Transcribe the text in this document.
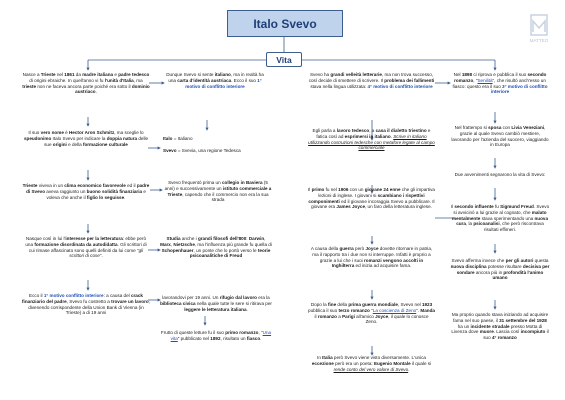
Italo Svevo
MATTEO
Vita
Nasce a Trieste nel 1861 da madre italiana e padre tedesco di origini ebraiche. In quell'anno vi fu l'unità d'Italia, ma trieste non ne faceva ancora parte poiché era sotto il dominio austriaco.
Il suo vero nome è Hector Aron Schmitz, ma sceglie lo speudonimo Italo Svevo per indicare la doppia natura delle sue origini e della formazione culturale
Trieste viveva in un clima economico favorevole ed il padre di Svevo aveva raggiunto un buono solidità finanziaria e voleva che anche il figlio lo seguisse.
Nasque così in lui l'interesse per la letteratura: ebbe però una formazione disordinata da autodidatta. Gli scrittori di cui rimase affascinato sono quelli definiti da lui come "gli scrittori di cose".
Ecco il 1° motivo conflitto interiore: a causa del crack finanziario del padre, Svevo fu costretto a trovare un lavoro, divenendo corrispondente della Union Bank di Vienna (in Trieste) a di 19 anni
Dunque Svevo si sente italiano, ma in realtà ha una carta d'identità austriaca. Ecco il suo 1° motivo di conflitto interiore
Italo = Italiano

Svevo = Svevia, una regione Tedesca
Svevo frequentò prima un collegio in Baviera (5 anni) e successivamente un istituto commerciale a Trieste, capendo che il commercio non era la sua strada
Studia anche i grandi filosofi dell'800: Darwin, Marx, Nietzsche, ma l'influenza più grande fu quella di Schopenhauer, un ponte che lo portò verso le teorie psicoanalitiche di Freud
lavorandovi per 19 anni. Un rifugio dal lavoro era la biblioteca civica nella quale tutte le sere si ritirava per leggere le letteratura italiana.
Frutto di queste letture fu il suo primo romanzo, "Una vita" pubblicato nel 1892, risultato un fiasco.
Svevo ha grandi velleità letterarie, ma non trova successo, così decide di smettere di scrivere. Il problema dei fallimenti stava nella lingua utilizzata: 4° motivo di conflitto interiore
Egli parla a lavoro tedesco, a casa il dialetto triestino e fatica così ad esprimersi in italiano. Scrive in italiano utilizzando costruzioni tedesche con metafore legate al campo commerciale
Il primo fu nel 1906 con un giovane 24 enne che gli impartiva lezioni di inglese. I giovani si scambiano i rispettivi componimenti ed il giovane incoraggia Svevo a pubblicare. Il giovane era James Joyce, un faro della letteratura inglese.
A causa della guerra però Joyce dovette ritornare in patria, ma il rapporto tra i due non si interruppe. Infatti è proprio a grazie a lui che i suoi romanzi vengono accolti in Inghilterra ed inizia ad acquisire fama.
Dopo la fine della prima guerra mondiale, Svevo nel 1923 pubblica il suo terzo romanzo "La coscienza di Zeno". Manda il romanzo a Parigi all'amico Joyce, il quale lo conosce Zeno.
In Italia però Svevo viene visto diversamente. L'unica eccezione però era un poeta: Eugenio Montale il quale si rende conto del vero valore di Svevo.
Nel 1898 ci riprova e pubblica il suo secondo romanzo, "Senilità", che risultò anch'esso un fiasco: questo era il suo 3° motivo di conflitto interiore
Nel frattempo si sposa con Livia Veneziani, grazie al quale Svevo cambiò mestiere, lavorando per l'azienda del suocero, viaggiando in Europa
Due avvenimenti segnarono la vita di Svevo:
Il secondo influente fu Sigmund Freud. Svevo si avvicinò a lui grazie al cognato, che malato mentalmente stava sperimentando una nuova cura, la psicoanalisi, che però riscontrava risultati effimeri.
Svevo afferma invece che per gli autori questa nuova disciplina potesse risultare decisiva per sondare ancora più in profondità l'animo umano
Ma proprio quando stava iniziando ad acquisire fama nel suo paese, il 31 settembre del 1928 ha un incidente stradale presso Motta di Livenza dove muore. Lascia così incompiuto il suo 4° romanzo
